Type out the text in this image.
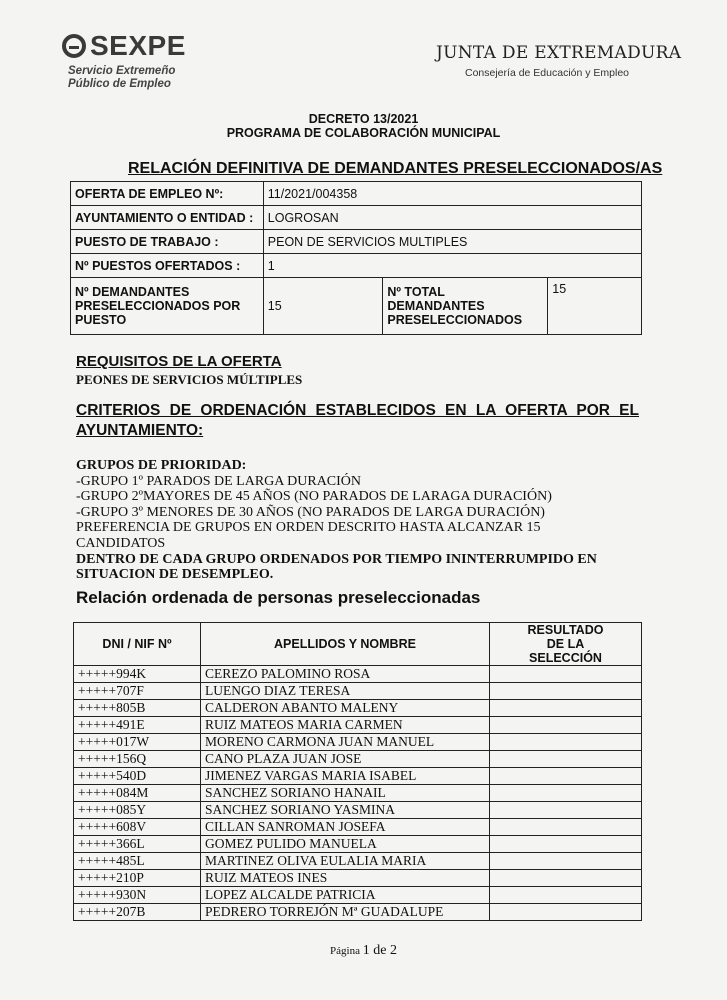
SEXPE
Servicio Extremeño
Público de Empleo
JUNTA DE EXTREMADURA
Consejería de Educación y Empleo
DECRETO 13/2021
PROGRAMA DE COLABORACIÓN MUNICIPAL
RELACIÓN DEFINITIVA DE DEMANDANTES PRESELECCIONADOS/AS
OFERTA DE EMPLEO Nº:	11/2021/004358		
AYUNTAMIENTO O ENTIDAD :	LOGROSAN		
PUESTO DE TRABAJO :	PEON DE SERVICIOS MULTIPLES		
Nº PUESTOS OFERTADOS :	1		
Nº DEMANDANTES PRESELECCIONADOS POR PUESTO	15	Nº TOTAL DEMANDANTES PRESELECCIONADOS	15
REQUISITOS DE LA OFERTA
PEONES DE SERVICIOS MÚLTIPLES
CRITERIOS DE ORDENACIÓN ESTABLECIDOS EN LA OFERTA POR EL
AYUNTAMIENTO:
GRUPOS DE PRIORIDAD:
-GRUPO 1º PARADOS DE LARGA DURACIÓN
-GRUPO 2ºMAYORES DE 45 AÑOS (NO PARADOS DE LARAGA DURACIÓN)
-GRUPO 3º MENORES DE 30 AÑOS (NO PARADOS DE LARGA DURACIÓN)
PREFERENCIA DE GRUPOS EN ORDEN DESCRITO HASTA ALCANZAR 15
CANDIDATOS
DENTRO DE CADA GRUPO ORDENADOS POR TIEMPO ININTERRUMPIDO EN
SITUACION DE DESEMPLEO.
Relación ordenada de personas preseleccionadas
DNI / NIF Nº	APELLIDOS Y NOMBRE	RESULTADO DE LA SELECCIÓN

+++++994K	CEREZO PALOMINO ROSA	
+++++707F	LUENGO DIAZ TERESA	
+++++805B	CALDERON ABANTO MALENY	
+++++491E	RUIZ MATEOS MARIA CARMEN	
+++++017W	MORENO CARMONA JUAN MANUEL	
+++++156Q	CANO PLAZA JUAN JOSE	
+++++540D	JIMENEZ VARGAS MARIA ISABEL	
+++++084M	SANCHEZ SORIANO HANAIL	
+++++085Y	SANCHEZ SORIANO YASMINA	
+++++608V	CILLAN SANROMAN JOSEFA	
+++++366L	GOMEZ PULIDO MANUELA	
+++++485L	MARTINEZ OLIVA EULALIA MARIA	
+++++210P	RUIZ MATEOS INES	
+++++930N	LOPEZ ALCALDE PATRICIA	
+++++207B	PEDRERO TORREJÓN Mª GUADALUPE	
Página 1 de 2
